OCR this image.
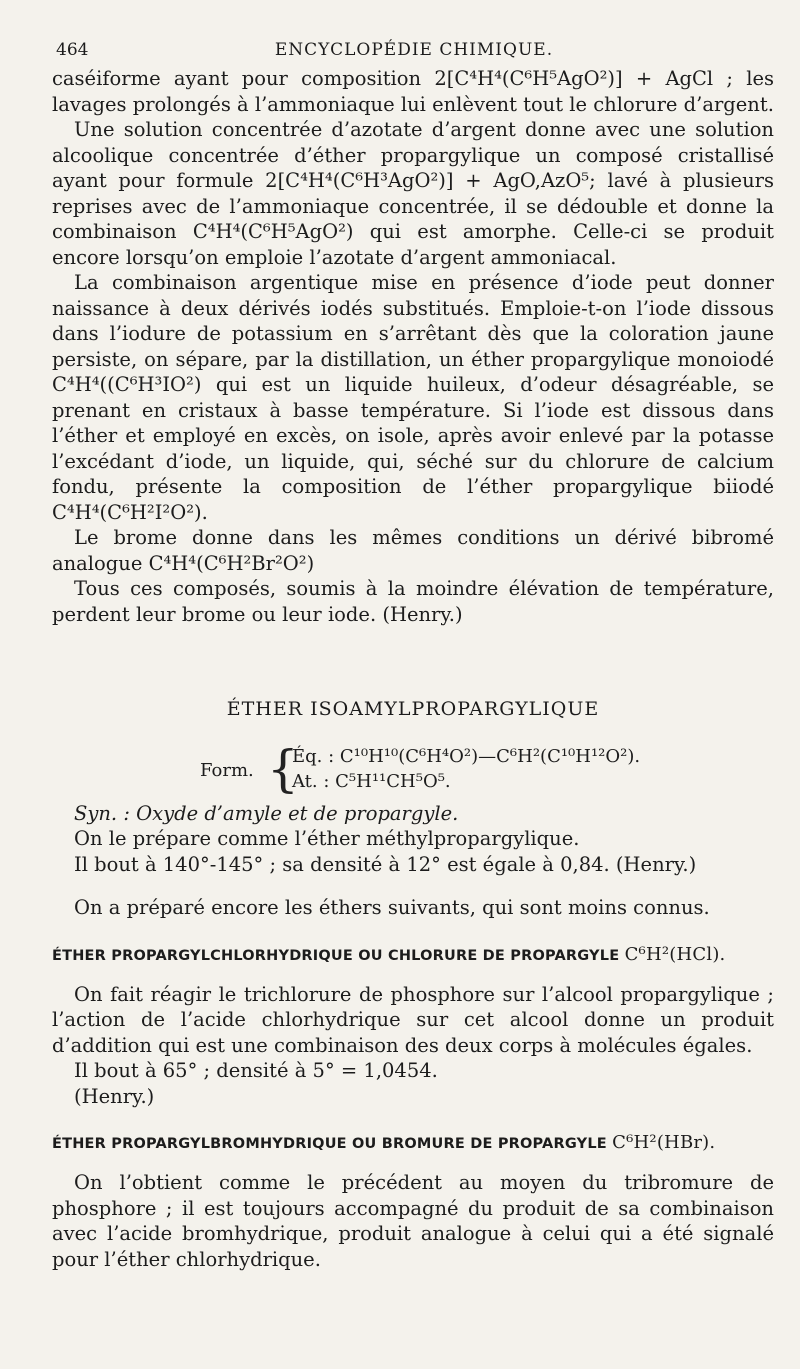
464	ENCYCLOPÉDIE CHIMIQUE.

caséiforme ayant pour composition 2[C⁴H⁴(C⁶H⁵AgO²)] + AgCl ; les lavages prolongés à l’ammoniaque lui enlèvent tout le chlorure d’argent.

Une solution concentrée d’azotate d’argent donne avec une solution alcoolique concentrée d’éther propargylique un composé cristallisé ayant pour formule 2[C⁴H⁴(C⁶H³AgO²)] + AgO,AzO⁵; lavé à plusieurs reprises avec de l’ammoniaque concentrée, il se dédouble et donne la combinaison C⁴H⁴(C⁶H⁵AgO²) qui est amorphe. Celle-ci se produit encore lorsqu’on emploie l’azotate d’argent ammoniacal.

La combinaison argentique mise en présence d’iode peut donner naissance à deux dérivés iodés substitués. Emploie-t-on l’iode dissous dans l’iodure de potassium en s’arrêtant dès que la coloration jaune persiste, on sépare, par la distillation, un éther propargylique monoiodé C⁴H⁴((C⁶H³IO²) qui est un liquide huileux, d’odeur désagréable, se prenant en cristaux à basse température. Si l’iode est dissous dans l’éther et employé en excès, on isole, après avoir enlevé par la potasse l’excédant d’iode, un liquide, qui, séché sur du chlorure de calcium fondu, présente la composition de l’éther propargylique biiodé C⁴H⁴(C⁶H²I²O²).

Le brome donne dans les mêmes conditions un dérivé bibromé analogue C⁴H⁴(C⁶H²Br²O²)

Tous ces composés, soumis à la moindre élévation de température, perdent leur brome ou leur iode. (Henry.)

ÉTHER ISOAMYLPROPARGYLIQUE
Form. {
Éq. : C¹⁰H¹⁰(C⁶H⁴O²)—C⁶H²(C¹⁰H¹²O²).
At. : C⁵H¹¹CH⁵O⁵.

Syn. : Oxyde d’amyle et de propargyle.

On le prépare comme l’éther méthylpropargylique.

Il bout à 140°-145° ; sa densité à 12° est égale à 0,84. (Henry.)

On a préparé encore les éthers suivants, qui sont moins connus.

ÉTHER PROPARGYLCHLORHYDRIQUE OU CHLORURE DE PROPARGYLE C⁶H²(HCl).

On fait réagir le trichlorure de phosphore sur l’alcool propargylique ; l’action de l’acide chlorhydrique sur cet alcool donne un produit d’addition qui est une combinaison des deux corps à molécules égales.

Il bout à 65° ; densité à 5° = 1,0454.

(Henry.)

ÉTHER PROPARGYLBROMHYDRIQUE OU BROMURE DE PROPARGYLE C⁶H²(HBr).

On l’obtient comme le précédent au moyen du tribromure de phosphore ; il est toujours accompagné du produit de sa combinaison avec l’acide bromhydrique, produit analogue à celui qui a été signalé pour l’éther chlorhydrique.
